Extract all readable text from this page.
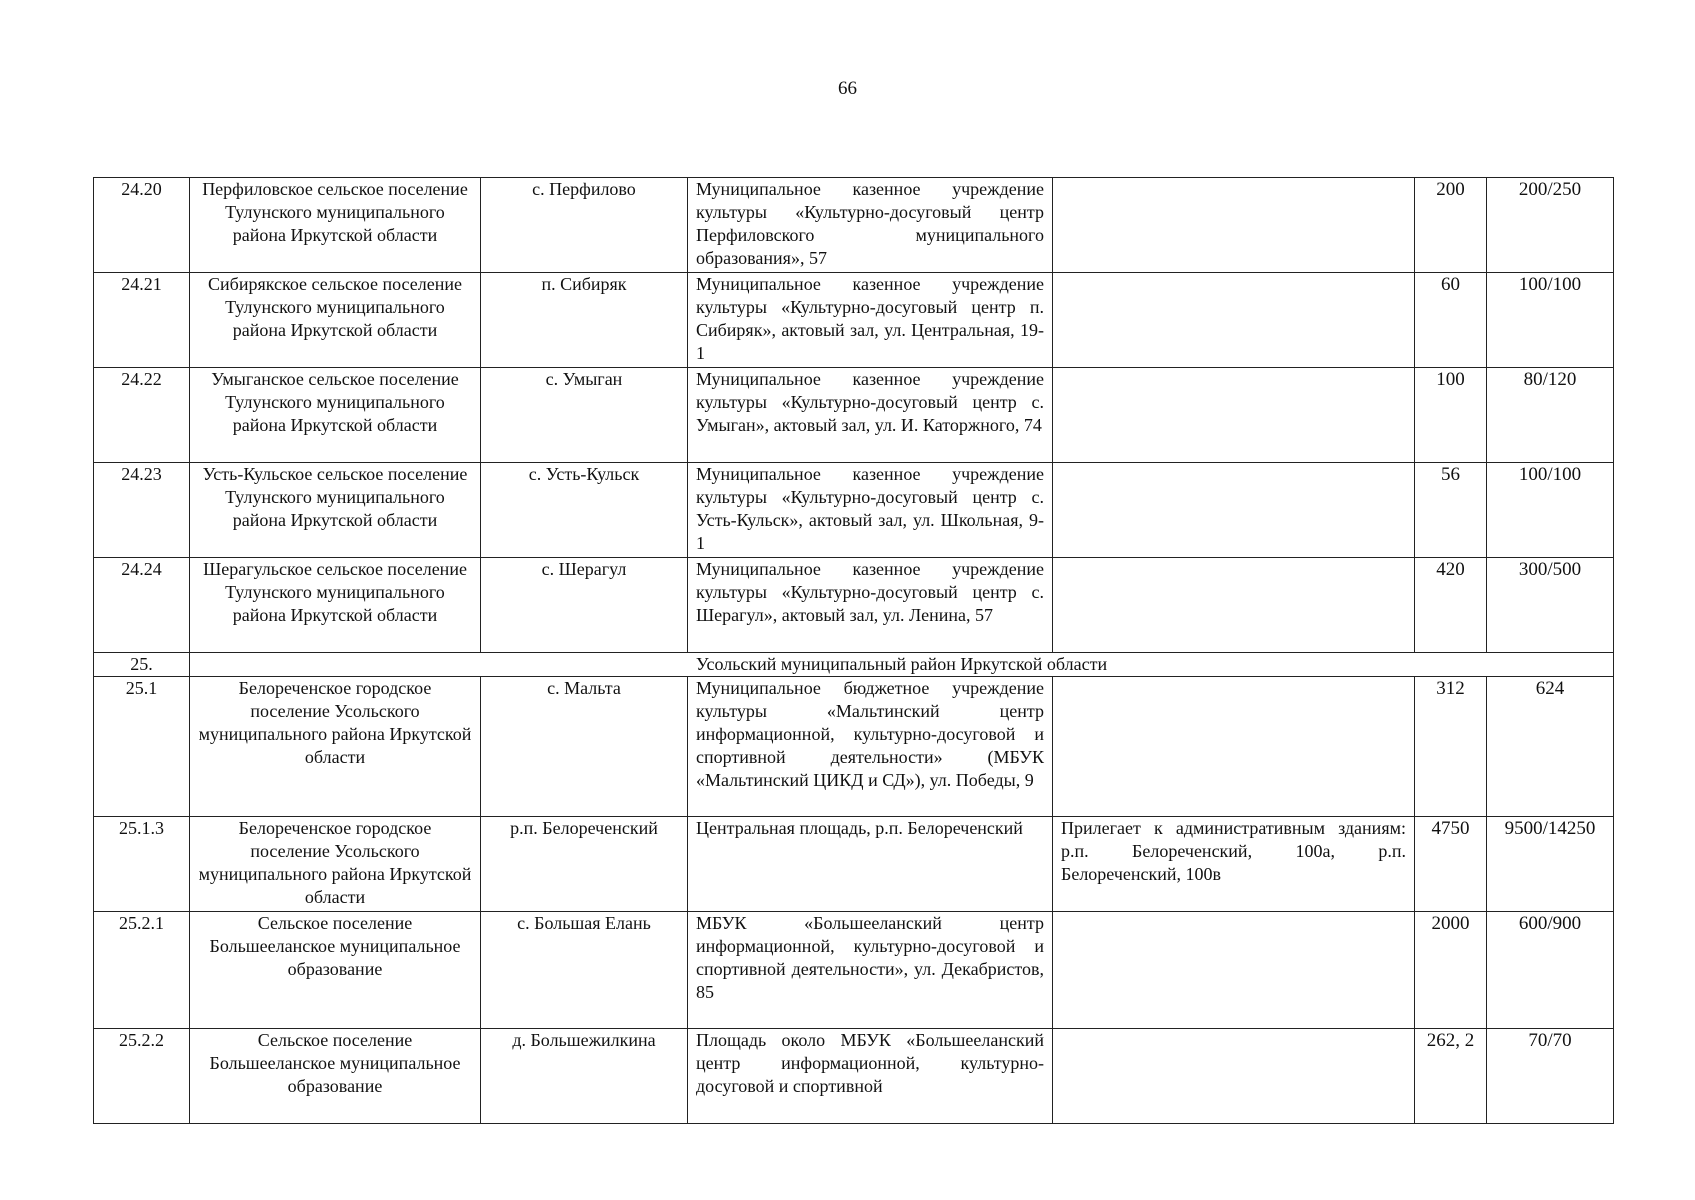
66
24.20	Перфиловское сельское поселение Тулунского муниципального района Иркутской области	с. Перфилово	Муниципальное казенное учреждение культуры «Культурно-досуговый центр Перфиловского муниципального образования», 57		200	200/250
24.21	Сибирякское сельское поселение Тулунского муниципального района Иркутской области	п. Сибиряк	Муниципальное казенное учреждение культуры «Культурно-досуговый центр п. Сибиряк», актовый зал, ул. Центральная, 19-1		60	100/100
24.22	Умыганское сельское поселение Тулунского муниципального района Иркутской области	с. Умыган	Муниципальное казенное учреждение культуры «Культурно-досуговый центр с. Умыган», актовый зал, ул. И. Каторжного, 74		100	80/120
24.23	Усть-Кульское сельское поселение Тулунского муниципального района Иркутской области	с. Усть-Кульск	Муниципальное казенное учреждение культуры «Культурно-досуговый центр с. Усть-Кульск», актовый зал, ул. Школьная, 9-1		56	100/100
24.24	Шерагульское сельское поселение Тулунского муниципального района Иркутской области	с. Шерагул	Муниципальное казенное учреждение культуры «Культурно-досуговый центр с. Шерагул», актовый зал, ул. Ленина, 57		420	300/500
25.	Усольский муниципальный район Иркутской области					
25.1	Белореченское городское поселение Усольского муниципального района Иркутской области	с. Мальта	Муниципальное бюджетное учреждение культуры «Мальтинский центр информационной, культурно-досуговой и спортивной деятельности» (МБУК «Мальтинский ЦИКД и СД»), ул. Победы, 9		312	624
25.1.3	Белореченское городское поселение Усольского муниципального района Иркутской области	р.п. Белореченский	Центральная площадь, р.п. Белореченский	Прилегает к административным зданиям: р.п. Белореченский, 100а, р.п. Белореченский, 100в	4750	9500/14250
25.2.1	Сельское поселение Большееланское муниципальное образование	с. Большая Елань	МБУК «Большееланский центр информационной, культурно-досуговой и спортивной деятельности», ул. Декабристов, 85		2000	600/900
25.2.2	Сельское поселение Большееланское муниципальное образование	д. Большежилкина	Площадь около МБУК «Большееланский центр информационной, культурно-досуговой и спортивной		262, 2	70/70
